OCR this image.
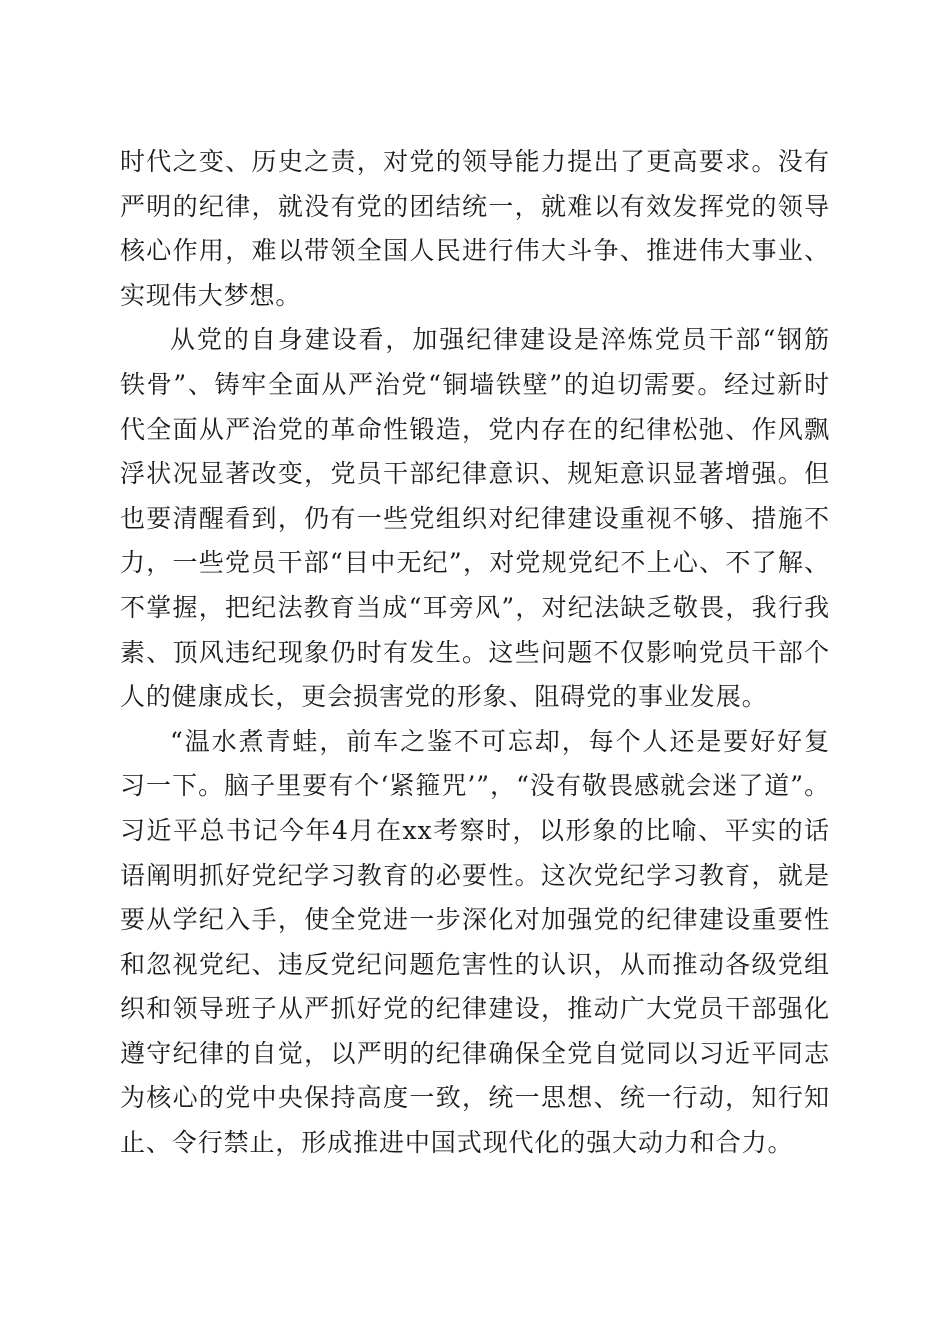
时代之变、历史之责，对党的领导能力提出了更高要求。没有严明的纪律，就没有党的团结统一，就难以有效发挥党的领导核心作用，难以带领全国人民进行伟大斗争、推进伟大事业、实现伟大梦想。

从党的自身建设看，加强纪律建设是淬炼党员干部“钢筋铁骨”、铸牢全面从严治党“铜墙铁壁”的迫切需要。经过新时代全面从严治党的革命性锻造，党内存在的纪律松弛、作风飘浮状况显著改变，党员干部纪律意识、规矩意识显著增强。但也要清醒看到，仍有一些党组织对纪律建设重视不够、措施不力，一些党员干部“目中无纪”，对党规党纪不上心、不了解、不掌握，把纪法教育当成“耳旁风”，对纪法缺乏敬畏，我行我素、顶风违纪现象仍时有发生。这些问题不仅影响党员干部个人的健康成长，更会损害党的形象、阻碍党的事业发展。

“温水煮青蛙，前车之鉴不可忘却，每个人还是要好好复习一下。脑子里要有个‘紧箍咒’”，“没有敬畏感就会迷了道”。习近平总书记今年4月在xx考察时，以形象的比喻、平实的话语阐明抓好党纪学习教育的必要性。这次党纪学习教育，就是要从学纪入手，使全党进一步深化对加强党的纪律建设重要性和忽视党纪、违反党纪问题危害性的认识，从而推动各级党组织和领导班子从严抓好党的纪律建设，推动广大党员干部强化遵守纪律的自觉，以严明的纪律确保全党自觉同以习近平同志为核心的党中央保持高度一致，统一思想、统一行动，知行知止、令行禁止，形成推进中国式现代化的强大动力和合力。
